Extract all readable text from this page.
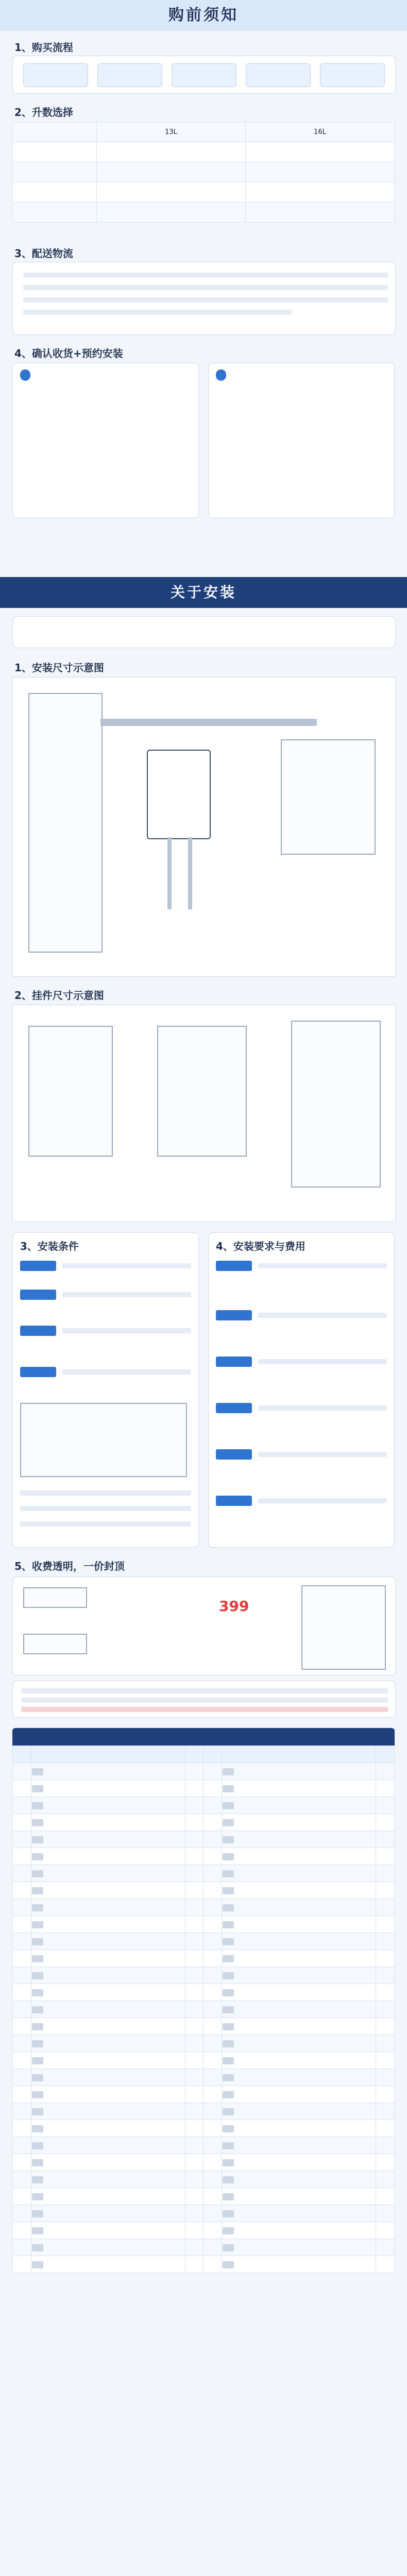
购前须知
1、购买流程
2、升数选择
	13L	16L

3、配送物流
4、确认收货+预约安装
关于安装
1、安装尺寸示意图
2、挂件尺寸示意图
3、安装条件	4、安装要求与费用
5、收费透明，一价封顶
399
